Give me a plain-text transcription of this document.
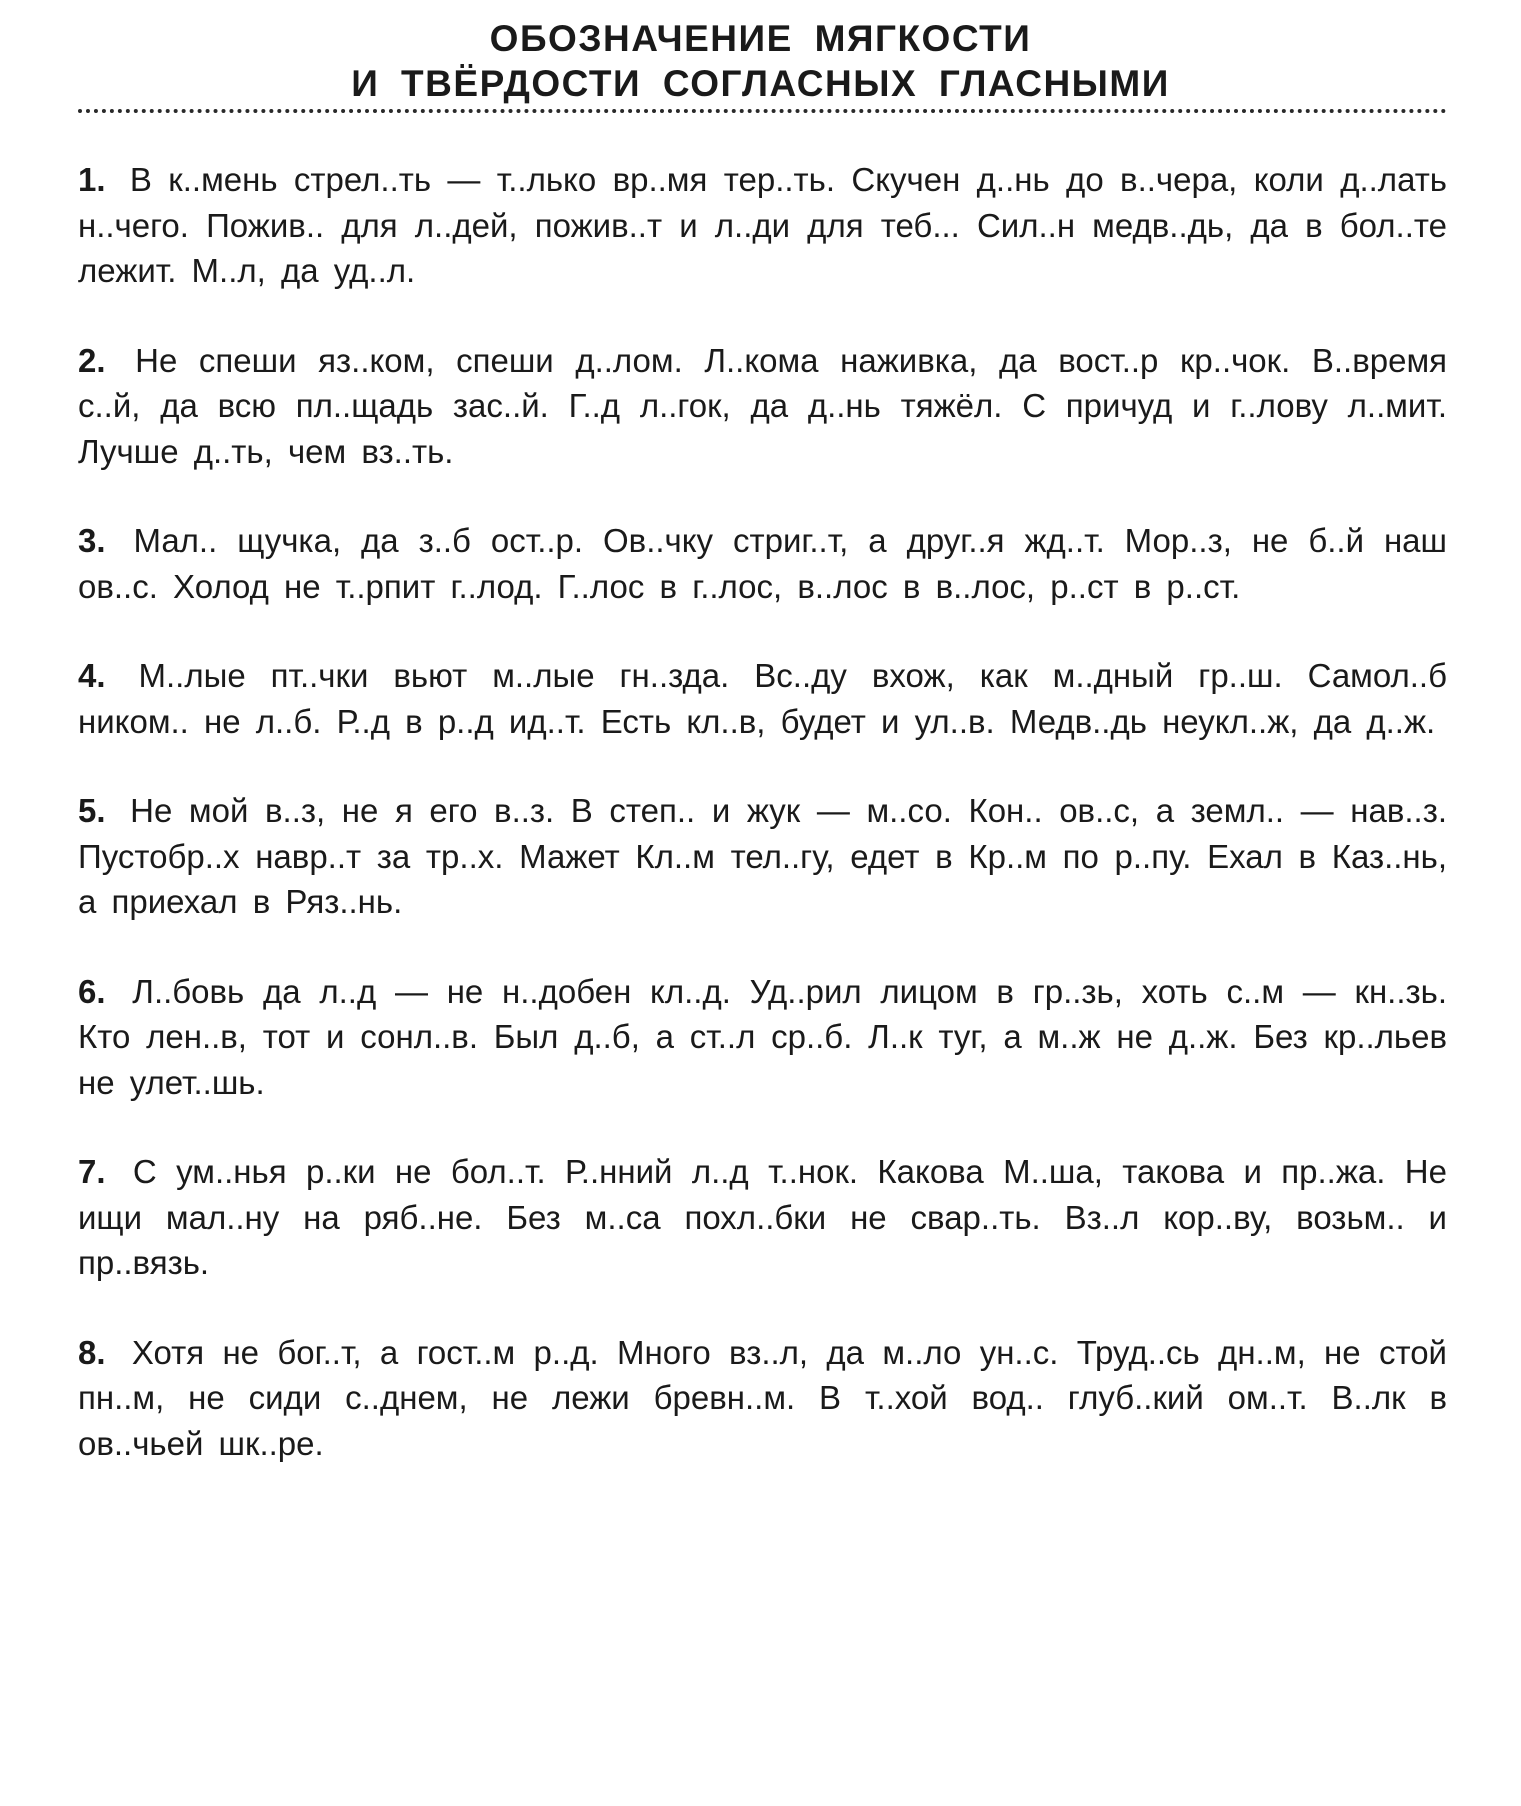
ОБОЗНАЧЕНИЕ МЯГКОСТИ
И ТВЁРДОСТИ СОГЛАСНЫХ ГЛАСНЫМИ

1. В к..мень стрел..ть — т..лько вр..мя тер..ть. Скучен д..нь до в..чера, коли д..лать н..чего. Пожив.. для л..дей, пожив..т и л..ди для теб... Сил..н медв..дь, да в бол..те лежит. М..л, да уд..л.

2. Не спеши яз..ком, спеши д..лом. Л..кома наживка, да вост..р кр..чок. В..время с..й, да всю пл..щадь зас..й. Г..д л..гок, да д..нь тяжёл. С причуд и г..лову л..мит. Лучше д..ть, чем вз..ть.

3. Мал.. щучка, да з..б ост..р. Ов..чку стриг..т, а друг..я жд..т. Мор..з, не б..й наш ов..с. Холод не т..рпит г..лод. Г..лос в г..лос, в..лос в в..лос, р..ст в р..ст.

4. М..лые пт..чки вьют м..лые гн..зда. Вс..ду вхож, как м..дный гр..ш. Самол..б ником.. не л..б. Р..д в р..д ид..т. Есть кл..в, будет и ул..в. Медв..дь неукл..ж, да д..ж.

5. Не мой в..з, не я его в..з. В степ.. и жук — м..со. Кон.. ов..с, а земл.. — нав..з. Пустобр..х навр..т за тр..х. Мажет Кл..м тел..гу, едет в Кр..м по р..пу. Ехал в Каз..нь, а приехал в Ряз..нь.

6. Л..бовь да л..д — не н..добен кл..д. Уд..рил лицом в гр..зь, хоть с..м — кн..зь. Кто лен..в, тот и сонл..в. Был д..б, а ст..л ср..б. Л..к туг, а м..ж не д..ж. Без кр..льев не улет..шь.

7. С ум..нья р..ки не бол..т. Р..нний л..д т..нок. Какова М..ша, такова и пр..жа. Не ищи мал..ну на ряб..не. Без м..са похл..бки не свар..ть. Вз..л кор..ву, возьм.. и пр..вязь.

8. Хотя не бог..т, а гост..м р..д. Много вз..л, да м..ло ун..с. Труд..сь дн..м, не стой пн..м, не сиди с..днем, не лежи бревн..м. В т..хой вод.. глуб..кий ом..т. В..лк в ов..чьей шк..ре.
